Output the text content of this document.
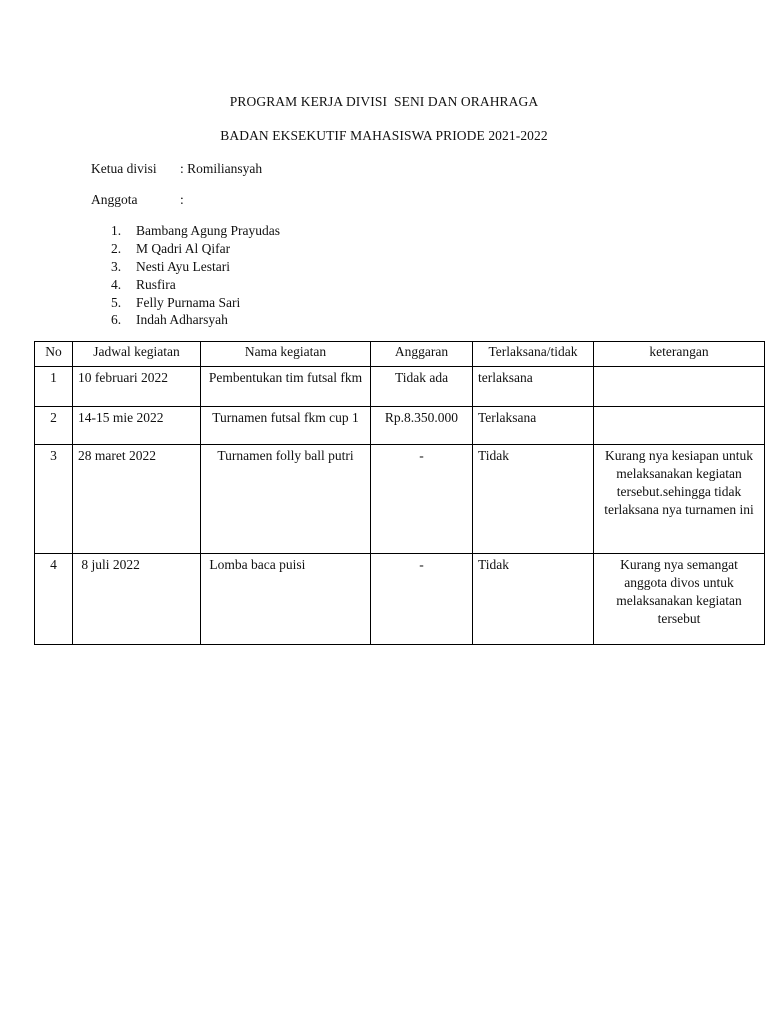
PROGRAM KERJA DIVISI  SENI DAN ORAHRAGA
BADAN EKSEKUTIF MAHASISWA PRIODE 2021-2022
Ketua divisi : Romiliansyah
Anggota	:
1. Bambang Agung Prayudas
2. M Qadri Al Qifar
3. Nesti Ayu Lestari
4. Rusfira
5. Felly Purnama Sari
6. Indah Adharsyah
No	Jadwal kegiatan	Nama kegiatan	Anggaran	Terlaksana/tidak	keterangan
1	10 februari 2022	Pembentukan tim futsal fkm	Tidak ada	terlaksana	
2	14-15 mie 2022	Turnamen futsal fkm cup 1	Rp.8.350.000	Terlaksana	
3	28 maret 2022	Turnamen folly ball putri	-	Tidak	Kurang nya kesiapan untuk melaksanakan kegiatan tersebut.sehingga tidak terlaksana nya turnamen ini
4	8 juli 2022	Lomba baca puisi	-	Tidak	Kurang nya semangat anggota divos untuk melaksanakan kegiatan tersebut
